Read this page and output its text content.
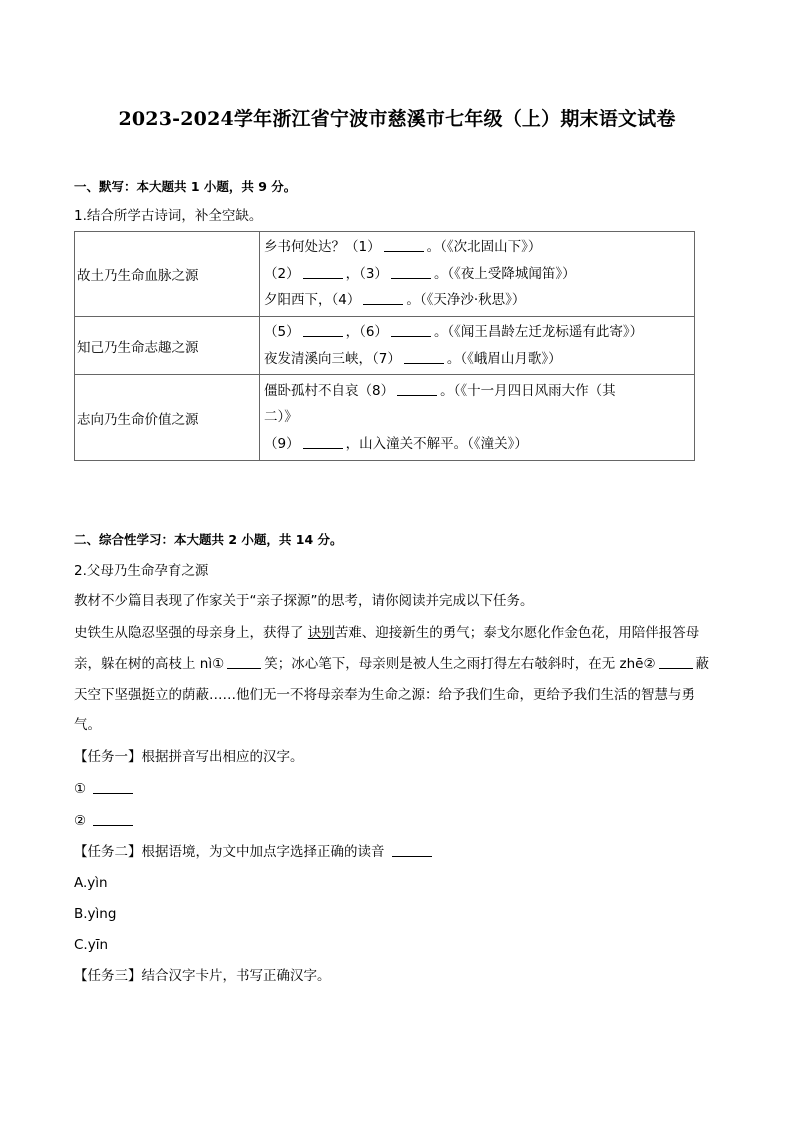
2023-2024学年浙江省宁波市慈溪市七年级（上）期末语文试卷
一、默写：本大题共 1 小题，共 9 分。
1.结合所学古诗词，补全空缺。
故土乃生命血脉之源	乡书何处达？（1） 。（《次北固山下》）
（2） ，（3） 。（《夜上受降城闻笛》）
夕阳西下，（4） 。（《天净沙·秋思》）

知己乃生命志趣之源	（5） ，（6） 。（《闻王昌龄左迁龙标遥有此寄》）
夜发清溪向三峡，（7） 。（《峨眉山月歌》）

志向乃生命价值之源	僵卧孤村不自哀（8） 。（《十一月四日风雨大作（其
二）》
（9） ，山入潼关不解平。（《潼关》）
二、综合性学习：本大题共 2 小题，共 14 分。
2.父母乃生命孕育之源
教材不少篇目表现了作家关于“亲子探源”的思考，请你阅读并完成以下任务。
史铁生从隐忍坚强的母亲身上，获得了 诀别苦难、迎接新生的勇气；泰戈尔愿化作金色花，用陪伴报答母
亲，躲在树的高枝上 nì①	笑；冰心笔下，母亲则是被人生之雨打得左右攲斜时，在无 zhē②	蔽
天空下坚强挺立的荫蔽……他们无一不将母亲奉为生命之源：给予我们生命，更给予我们生活的智慧与勇
气。
【任务一】根据拼音写出相应的汉字。
①
②
【任务二】根据语境，为文中加点字选择正确的读音
A.yìn
B.yìng
C.yīn
【任务三】结合汉字卡片，书写正确汉字。
